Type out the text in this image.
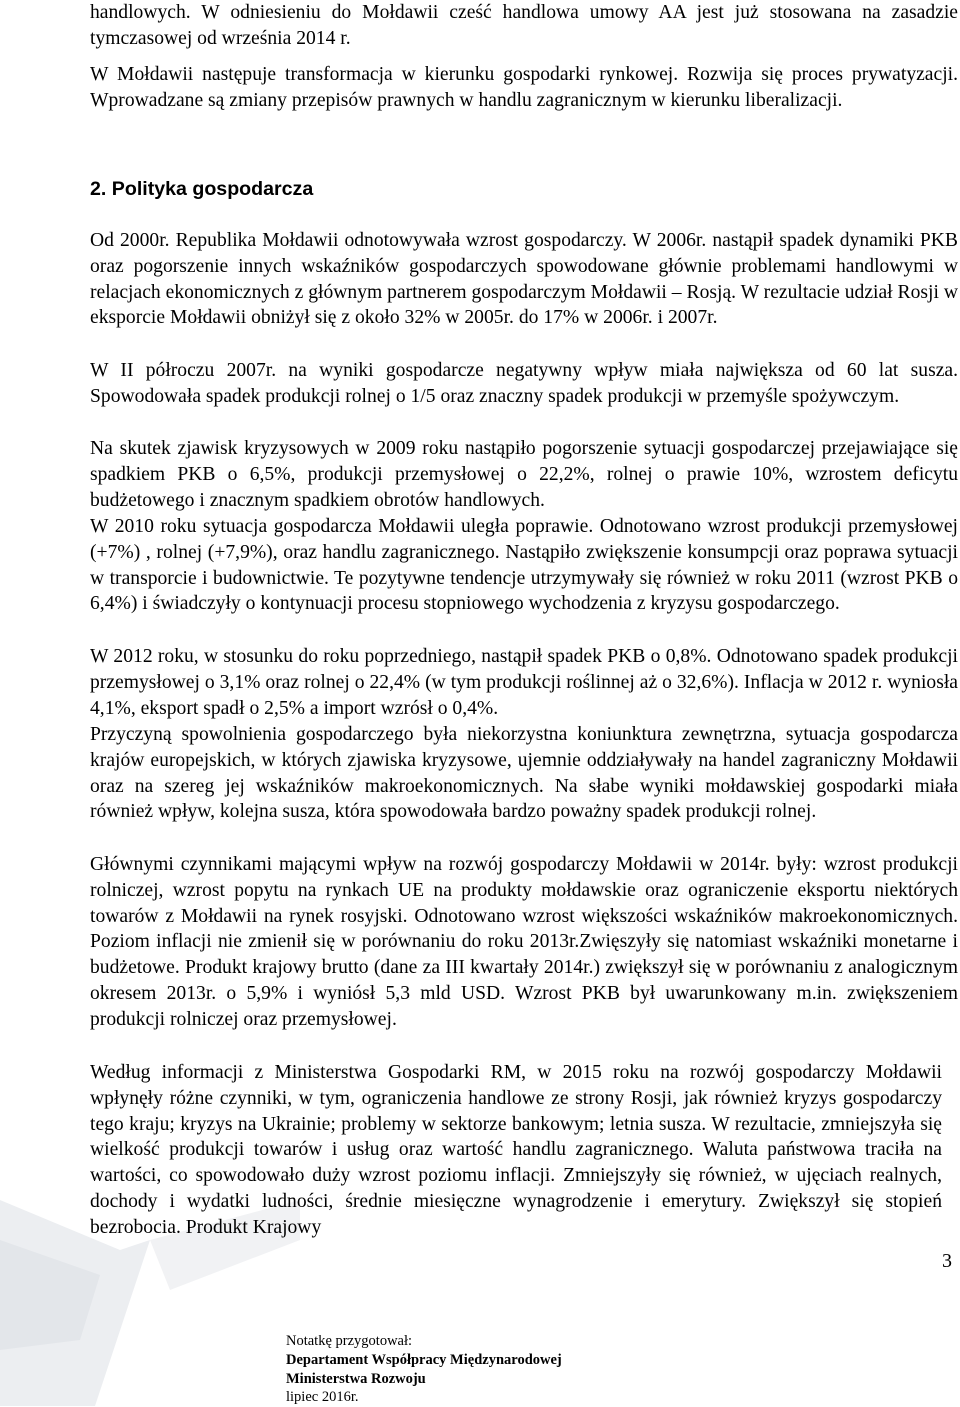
handlowych. W odniesieniu do Mołdawii cześć handlowa umowy AA jest już stosowana na zasadzie tymczasowej od września 2014 r.

W Mołdawii następuje transformacja w kierunku gospodarki rynkowej. Rozwija się proces prywatyzacji. Wprowadzane są zmiany przepisów prawnych w handlu zagranicznym w kierunku liberalizacji.

2. Polityka gospodarcza

Od 2000r. Republika Mołdawii odnotowywała wzrost gospodarczy. W 2006r. nastąpił spadek dynamiki PKB oraz pogorszenie innych wskaźników gospodarczych spowodowane głównie problemami handlowymi w relacjach ekonomicznych z głównym partnerem gospodarczym Mołdawii – Rosją. W rezultacie udział Rosji w eksporcie Mołdawii obniżył się z około 32% w 2005r. do 17% w 2006r. i 2007r.

W II półroczu 2007r. na wyniki gospodarcze negatywny wpływ miała największa od 60 lat susza. Spowodowała spadek produkcji rolnej o 1/5 oraz znaczny spadek produkcji w przemyśle spożywczym.

Na skutek zjawisk kryzysowych w 2009 roku nastąpiło pogorszenie sytuacji gospodarczej przejawiające się spadkiem PKB o 6,5%, produkcji przemysłowej o 22,2%, rolnej o prawie 10%, wzrostem deficytu budżetowego i znacznym spadkiem obrotów handlowych.

W 2010 roku sytuacja gospodarcza Mołdawii uległa poprawie. Odnotowano wzrost produkcji przemysłowej (+7%) , rolnej (+7,9%), oraz handlu zagranicznego. Nastąpiło zwiększenie konsumpcji oraz poprawa sytuacji w transporcie i budownictwie. Te pozytywne tendencje utrzymywały się również w roku 2011 (wzrost PKB o 6,4%) i świadczyły o kontynuacji procesu stopniowego wychodzenia z kryzysu gospodarczego.

W 2012 roku, w stosunku do roku poprzedniego, nastąpił spadek PKB o 0,8%. Odnotowano spadek produkcji przemysłowej o 3,1% oraz rolnej o 22,4% (w tym produkcji roślinnej aż o 32,6%). Inflacja w 2012 r. wyniosła 4,1%, eksport spadł o 2,5% a import wzrósł o 0,4%.

Przyczyną spowolnienia gospodarczego była niekorzystna koniunktura zewnętrzna, sytuacja gospodarcza krajów europejskich, w których zjawiska kryzysowe, ujemnie oddziaływały na handel zagraniczny Mołdawii oraz na szereg jej wskaźników makroekonomicznych. Na słabe wyniki mołdawskiej gospodarki miała również wpływ, kolejna susza, która spowodowała bardzo poważny spadek produkcji rolnej.

Głównymi czynnikami mającymi wpływ na rozwój gospodarczy Mołdawii w 2014r. były: wzrost produkcji rolniczej, wzrost popytu na rynkach UE na produkty mołdawskie oraz ograniczenie eksportu niektórych towarów z Mołdawii na rynek rosyjski. Odnotowano wzrost większości wskaźników makroekonomicznych. Poziom inflacji nie zmienił się w porównaniu do roku 2013r.Zwięszyły się natomiast wskaźniki monetarne i budżetowe. Produkt krajowy brutto (dane za III kwartały 2014r.) zwiększył się w porównaniu z analogicznym okresem 2013r. o 5,9% i wyniósł 5,3 mld USD. Wzrost PKB był uwarunkowany m.in. zwiększeniem produkcji rolniczej oraz przemysłowej.

Według informacji z Ministerstwa Gospodarki RM, w 2015 roku na rozwój gospodarczy Mołdawii wpłynęły różne czynniki, w tym, ograniczenia handlowe ze strony Rosji, jak również kryzys gospodarczy tego kraju; kryzys na Ukrainie; problemy w sektorze bankowym; letnia susza. W rezultacie, zmniejszyła się wielkość produkcji towarów i usług oraz wartość handlu zagranicznego. Waluta państwowa traciła na wartości, co spowodowało duży wzrost poziomu inflacji. Zmniejszyły się również, w ujęciach realnych, dochody i wydatki ludności, średnie miesięczne wynagrodzenie i emerytury. Zwiększył się stopień bezrobocia. Produkt Krajowy

3
Notatkę przygotował:
Departament Współpracy Międzynarodowej
Ministerstwa Rozwoju
lipiec 2016r.
